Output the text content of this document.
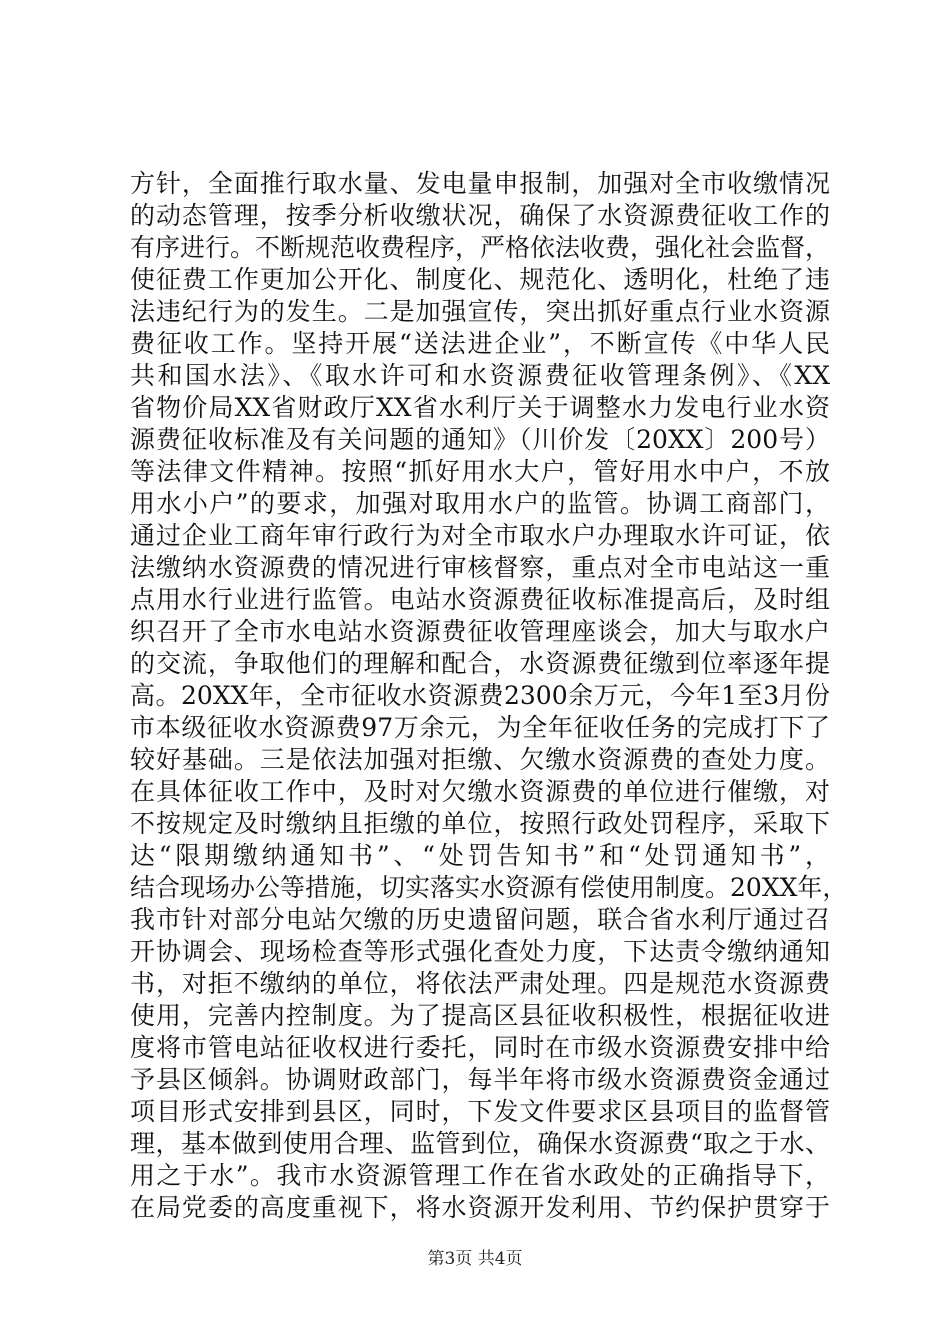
方针，全面推行取水量、发电量申报制，加强对全市收缴情况
的动态管理，按季分析收缴状况，确保了水资源费征收工作的
有序进行。不断规范收费程序，严格依法收费，强化社会监督，
使征费工作更加公开化、制度化、规范化、透明化，杜绝了违
法违纪行为的发生。二是加强宣传，突出抓好重点行业水资源
费征收工作。坚持开展“送法进企业”，不断宣传《中华人民
共和国水法》、《取水许可和水资源费征收管理条例》、《XX
省物价局XX省财政厅XX省水利厅关于调整水力发电行业水资
源费征收标准及有关问题的通知》（川价发〔20XX〕200号）
等法律文件精神。按照“抓好用水大户，管好用水中户，不放
用水小户”的要求，加强对取用水户的监管。协调工商部门，
通过企业工商年审行政行为对全市取水户办理取水许可证，依
法缴纳水资源费的情况进行审核督察，重点对全市电站这一重
点用水行业进行监管。电站水资源费征收标准提高后，及时组
织召开了全市水电站水资源费征收管理座谈会，加大与取水户
的交流，争取他们的理解和配合，水资源费征缴到位率逐年提
高。20XX年，全市征收水资源费2300余万元，今年1至3月份
市本级征收水资源费97万余元，为全年征收任务的完成打下了
较好基础。三是依法加强对拒缴、欠缴水资源费的查处力度。
在具体征收工作中，及时对欠缴水资源费的单位进行催缴，对
不按规定及时缴纳且拒缴的单位，按照行政处罚程序，采取下
达“限期缴纳通知书”、“处罚告知书”和“处罚通知书”，
结合现场办公等措施，切实落实水资源有偿使用制度。20XX年，
我市针对部分电站欠缴的历史遗留问题，联合省水利厅通过召
开协调会、现场检查等形式强化查处力度，下达责令缴纳通知
书，对拒不缴纳的单位，将依法严肃处理。四是规范水资源费
使用，完善内控制度。为了提高区县征收积极性，根据征收进
度将市管电站征收权进行委托，同时在市级水资源费安排中给
予县区倾斜。协调财政部门，每半年将市级水资源费资金通过
项目形式安排到县区，同时，下发文件要求区县项目的监督管
理，基本做到使用合理、监管到位，确保水资源费“取之于水、
用之于水”。我市水资源管理工作在省水政处的正确指导下，
在局党委的高度重视下，将水资源开发利用、节约保护贯穿于
第3页 共4页
